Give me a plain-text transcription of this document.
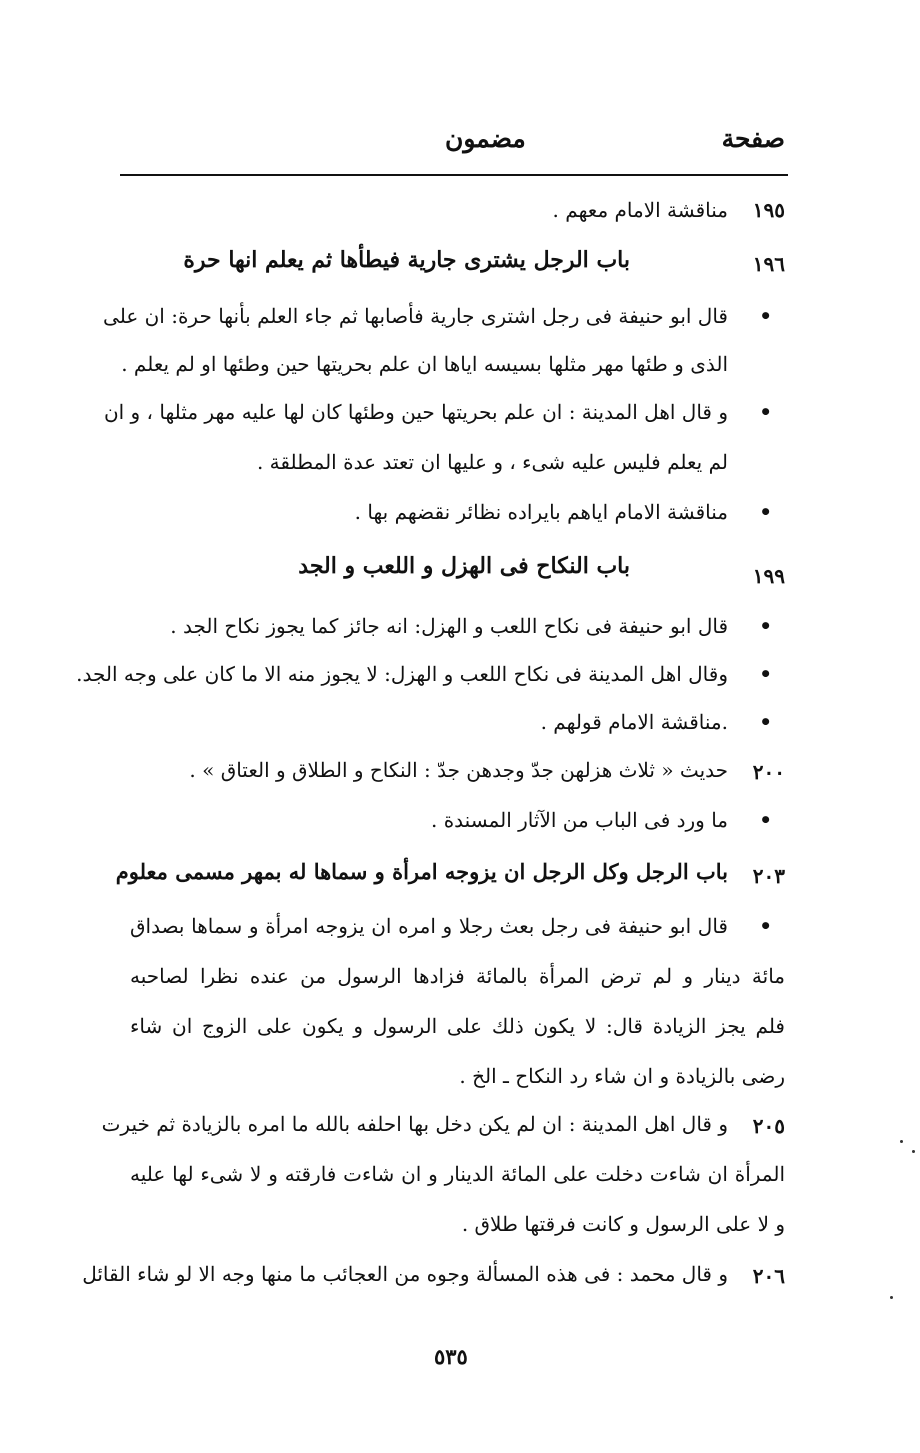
صفحة
مضمون
١٩٥
مناقشة الامام معهم .
١٩٦
باب الرجل يشترى جارية فيطأها ثم يعلم انها حرة
•
قال ابو حنيفة فى رجل اشترى جارية فأصابها ثم جاء العلم بأنها حرة: ان على
الذى و طئها مهر مثلها بسيسه اياها ان علم بحريتها حين وطئها او لم يعلم .
•
و قال اهل المدينة : ان علم بحريتها حين وطئها كان لها عليه مهر مثلها ، و ان
لم يعلم فليس عليه شىء ، و عليها ان تعتد عدة المطلقة .
•
مناقشة الامام اياهم بايراده نظائر نقضهم بها .
١٩٩
باب النكاح فى الهزل و اللعب و الجد
•
قال ابو حنيفة فى نكاح اللعب و الهزل: انه جائز كما يجوز نكاح الجد .
•
وقال اهل المدينة فى نكاح اللعب و الهزل: لا يجوز منه الا ما كان على وجه الجد.
•
.مناقشة الامام قولهم .
٢٠٠
حديث « ثلاث هزلهن جدّ وجدهن جدّ : النكاح و الطلاق و العتاق » .
•
ما ورد فى الباب من الآثار المسندة .
٢٠٣
باب الرجل وكل الرجل ان يزوجه امرأة و سماها له بمهر مسمى معلوم
•
قال ابو حنيفة فى رجل بعث رجلا و امره ان يزوجه امرأة و سماها بصداق
مائة دينار و لم ترض المرأة بالمائة فزادها الرسول من عنده نظرا لصاحبه
فلم يجز الزيادة قال: لا يكون ذلك على الرسول و يكون على الزوج ان شاء
رضى بالزيادة و ان شاء رد النكاح ـ الخ .
٢٠٥
و قال اهل المدينة : ان لم يكن دخل بها احلفه بالله ما امره بالزيادة ثم خيرت
المرأة ان شاءت دخلت على المائة الدينار و ان شاءت فارقته و لا شىء لها عليه
و لا على الرسول و كانت فرقتها طلاق .
٢٠٦
و قال محمد : فى هذه المسألة وجوه من العجائب ما منها وجه الا لو شاء القائل
٥٣٥
